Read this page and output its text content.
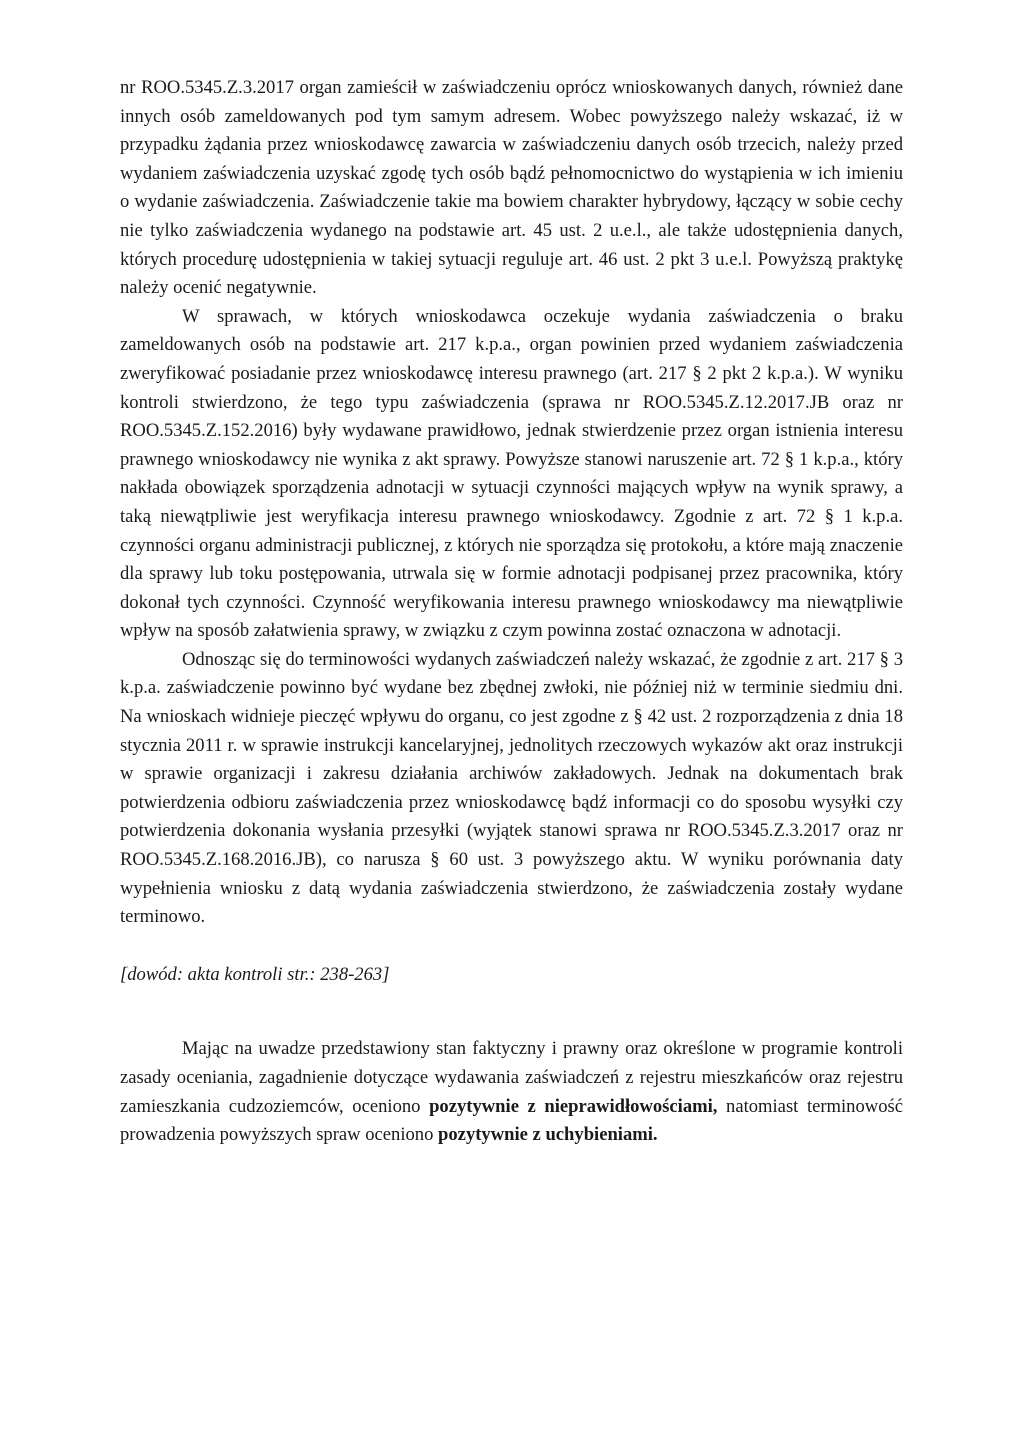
nr ROO.5345.Z.3.2017 organ zamieścił w zaświadczeniu oprócz wnioskowanych danych, również dane innych osób zameldowanych pod tym samym adresem. Wobec powyższego należy wskazać, iż w przypadku żądania przez wnioskodawcę zawarcia w zaświadczeniu danych osób trzecich, należy przed wydaniem zaświadczenia uzyskać zgodę tych osób bądź pełnomocnictwo do wystąpienia w ich imieniu o wydanie zaświadczenia. Zaświadczenie takie ma bowiem charakter hybrydowy, łączący w sobie cechy nie tylko zaświadczenia wydanego na podstawie art. 45 ust. 2 u.e.l., ale także udostępnienia danych, których procedurę udostępnienia w takiej sytuacji reguluje art. 46 ust. 2 pkt 3 u.e.l. Powyższą praktykę należy ocenić negatywnie.

W sprawach, w których wnioskodawca oczekuje wydania zaświadczenia o braku zameldowanych osób na podstawie art. 217 k.p.a., organ powinien przed wydaniem zaświadczenia zweryfikować posiadanie przez wnioskodawcę interesu prawnego (art. 217 § 2 pkt 2 k.p.a.). W wyniku kontroli stwierdzono, że tego typu zaświadczenia (sprawa nr ROO.5345.Z.12.2017.JB oraz nr ROO.5345.Z.152.2016) były wydawane prawidłowo, jednak stwierdzenie przez organ istnienia interesu prawnego wnioskodawcy nie wynika z akt sprawy. Powyższe stanowi naruszenie art. 72 § 1 k.p.a., który nakłada obowiązek sporządzenia adnotacji w sytuacji czynności mających wpływ na wynik sprawy, a taką niewątpliwie jest weryfikacja interesu prawnego wnioskodawcy. Zgodnie z art. 72 § 1 k.p.a. czynności organu administracji publicznej, z których nie sporządza się protokołu, a które mają znaczenie dla sprawy lub toku postępowania, utrwala się w formie adnotacji podpisanej przez pracownika, który dokonał tych czynności. Czynność weryfikowania interesu prawnego wnioskodawcy ma niewątpliwie wpływ na sposób załatwienia sprawy, w związku z czym powinna zostać oznaczona w adnotacji.

Odnosząc się do terminowości wydanych zaświadczeń należy wskazać, że zgodnie z art. 217 § 3 k.p.a. zaświadczenie powinno być wydane bez zbędnej zwłoki, nie później niż w terminie siedmiu dni. Na wnioskach widnieje pieczęć wpływu do organu, co jest zgodne z § 42 ust. 2 rozporządzenia z dnia 18 stycznia 2011 r. w sprawie instrukcji kancelaryjnej, jednolitych rzeczowych wykazów akt oraz instrukcji w sprawie organizacji i zakresu działania archiwów zakładowych. Jednak na dokumentach brak potwierdzenia odbioru zaświadczenia przez wnioskodawcę bądź informacji co do sposobu wysyłki czy potwierdzenia dokonania wysłania przesyłki (wyjątek stanowi sprawa nr ROO.5345.Z.3.2017 oraz nr ROO.5345.Z.168.2016.JB), co narusza § 60 ust. 3 powyższego aktu. W wyniku porównania daty wypełnienia wniosku z datą wydania zaświadczenia stwierdzono, że zaświadczenia zostały wydane terminowo.

[dowód: akta kontroli str.: 238-263]

Mając na uwadze przedstawiony stan faktyczny i prawny oraz określone w programie kontroli zasady oceniania, zagadnienie dotyczące wydawania zaświadczeń z rejestru mieszkańców oraz rejestru zamieszkania cudzoziemców, oceniono pozytywnie z nieprawidłowościami, natomiast terminowość prowadzenia powyższych spraw oceniono pozytywnie z uchybieniami.
